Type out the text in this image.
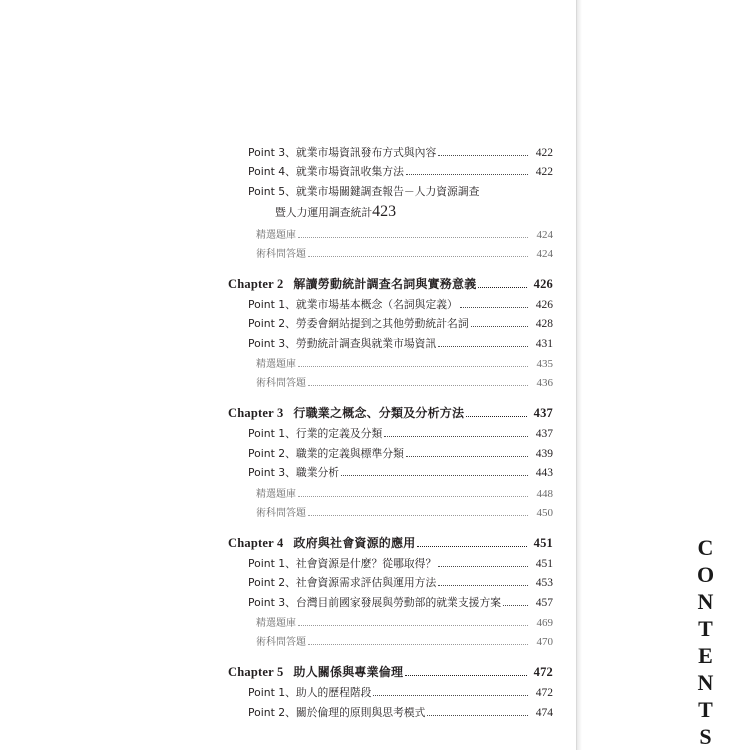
CONTENTS
Point 3、就業市場資訊發布方式與內容	422
Point 4、就業市場資訊收集方法	422
Point 5、就業市場關鍵調查報告－人力資源調查
暨人力運用調查統計 423
精選題庫	424
術科問答題	424
Chapter 2 解讀勞動統計調查名詞與實務意義	426
Point 1、就業市場基本概念（名詞與定義）	426
Point 2、勞委會網站提到之其他勞動統計名詞	428
Point 3、勞動統計調查與就業市場資訊	431
精選題庫	435
術科問答題	436
Chapter 3 行職業之概念、分類及分析方法	437
Point 1、行業的定義及分類	437
Point 2、職業的定義與標準分類	439
Point 3、職業分析	443
精選題庫	448
術科問答題	450
Chapter 4 政府與社會資源的應用	451
Point 1、社會資源是什麼？從哪取得？	451
Point 2、社會資源需求評估與運用方法	453
Point 3、台灣目前國家發展與勞動部的就業支援方案	457
精選題庫	469
術科問答題	470
Chapter 5 助人關係與專業倫理	472
Point 1、助人的歷程階段	472
Point 2、關於倫理的原則與思考模式	474
